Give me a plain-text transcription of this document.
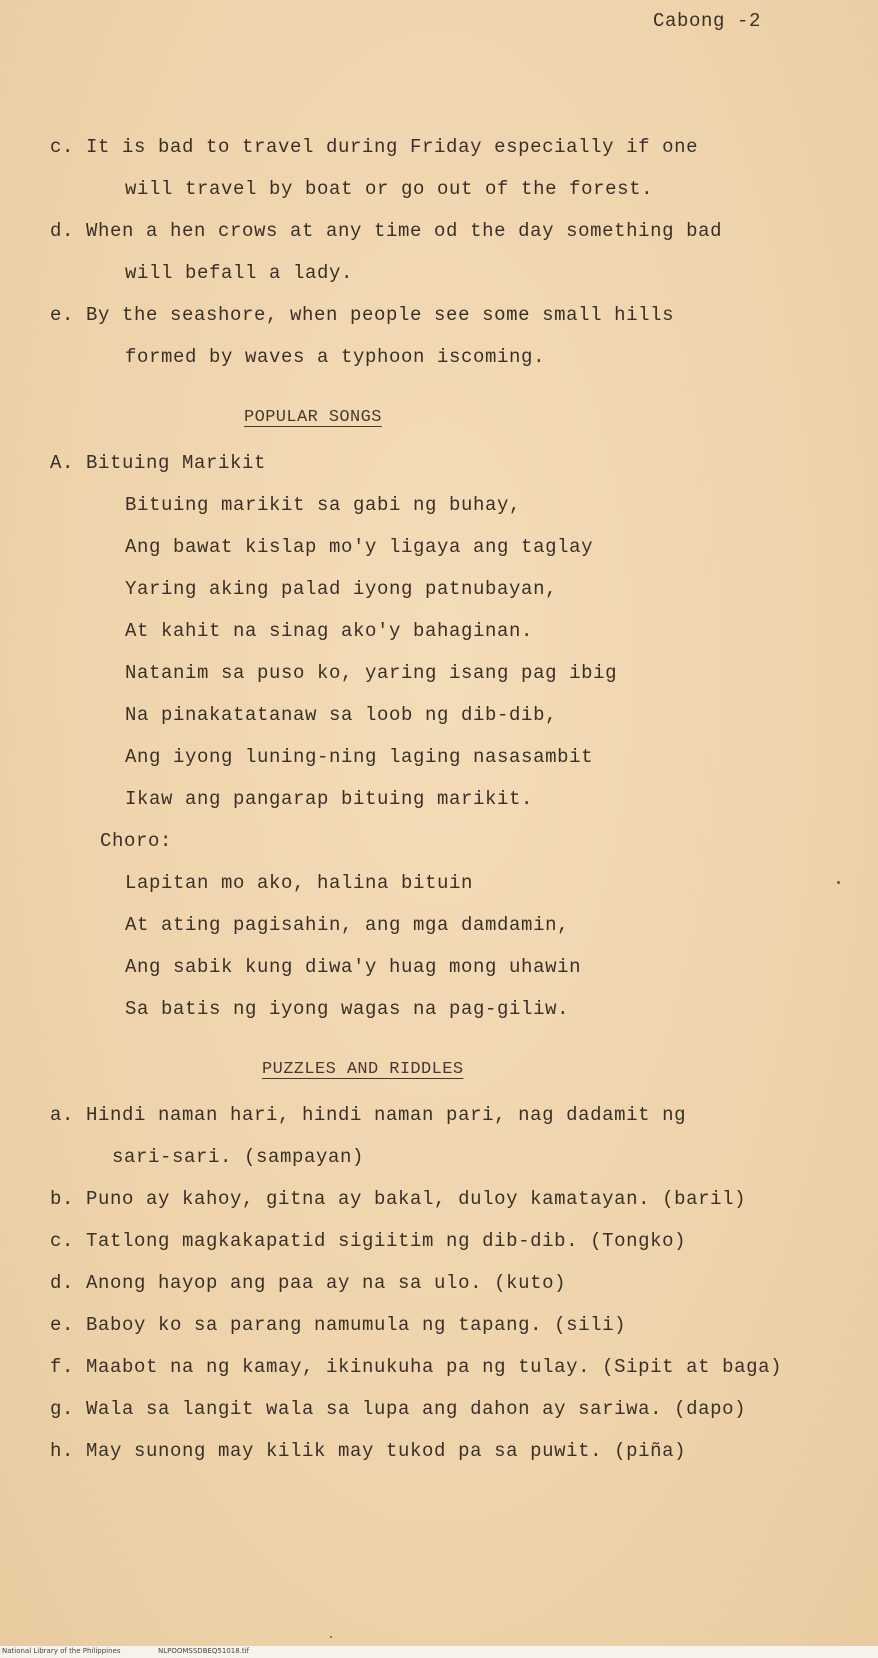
Cabong -2
c. It is bad to travel during Friday especially if one
will travel by boat or go out of the forest.
d. When a hen crows at any time od the day something bad
will befall a lady.
e. By the seashore, when people see some small hills
formed by waves a typhoon iscoming.
POPULAR SONGS
A. Bituing Marikit
Bituing marikit sa gabi ng buhay,
Ang bawat kislap mo'y ligaya ang taglay
Yaring aking palad iyong patnubayan,
At kahit na sinag ako'y bahaginan.
Natanim sa puso ko, yaring isang pag ibig
Na pinakatatanaw sa loob ng dib-dib,
Ang iyong luning-ning laging nasasambit
Ikaw ang pangarap bituing marikit.
Choro:
Lapitan mo ako, halina bituin
At ating pagisahin, ang mga damdamin,
Ang sabik kung diwa'y huag mong uhawin
Sa batis ng iyong wagas na pag-giliw.
PUZZLES AND RIDDLES
a. Hindi naman hari, hindi naman pari, nag dadamit ng
sari-sari. (sampayan)
b. Puno ay kahoy, gitna ay bakal, duloy kamatayan. (baril)
c. Tatlong magkakapatid sigiitim ng dib-dib. (Tongko)
d. Anong hayop ang paa ay na sa ulo. (kuto)
e. Baboy ko sa parang namumula ng tapang. (sili)
f. Maabot na ng kamay, ikinukuha pa ng tulay. (Sipit at baga)
g. Wala sa langit wala sa lupa ang dahon ay sariwa. (dapo)
h. May sunong may kilik may tukod pa sa puwit. (piña)
National Library of the Philippines	NLPOOMSSDBEQ51018.tif
